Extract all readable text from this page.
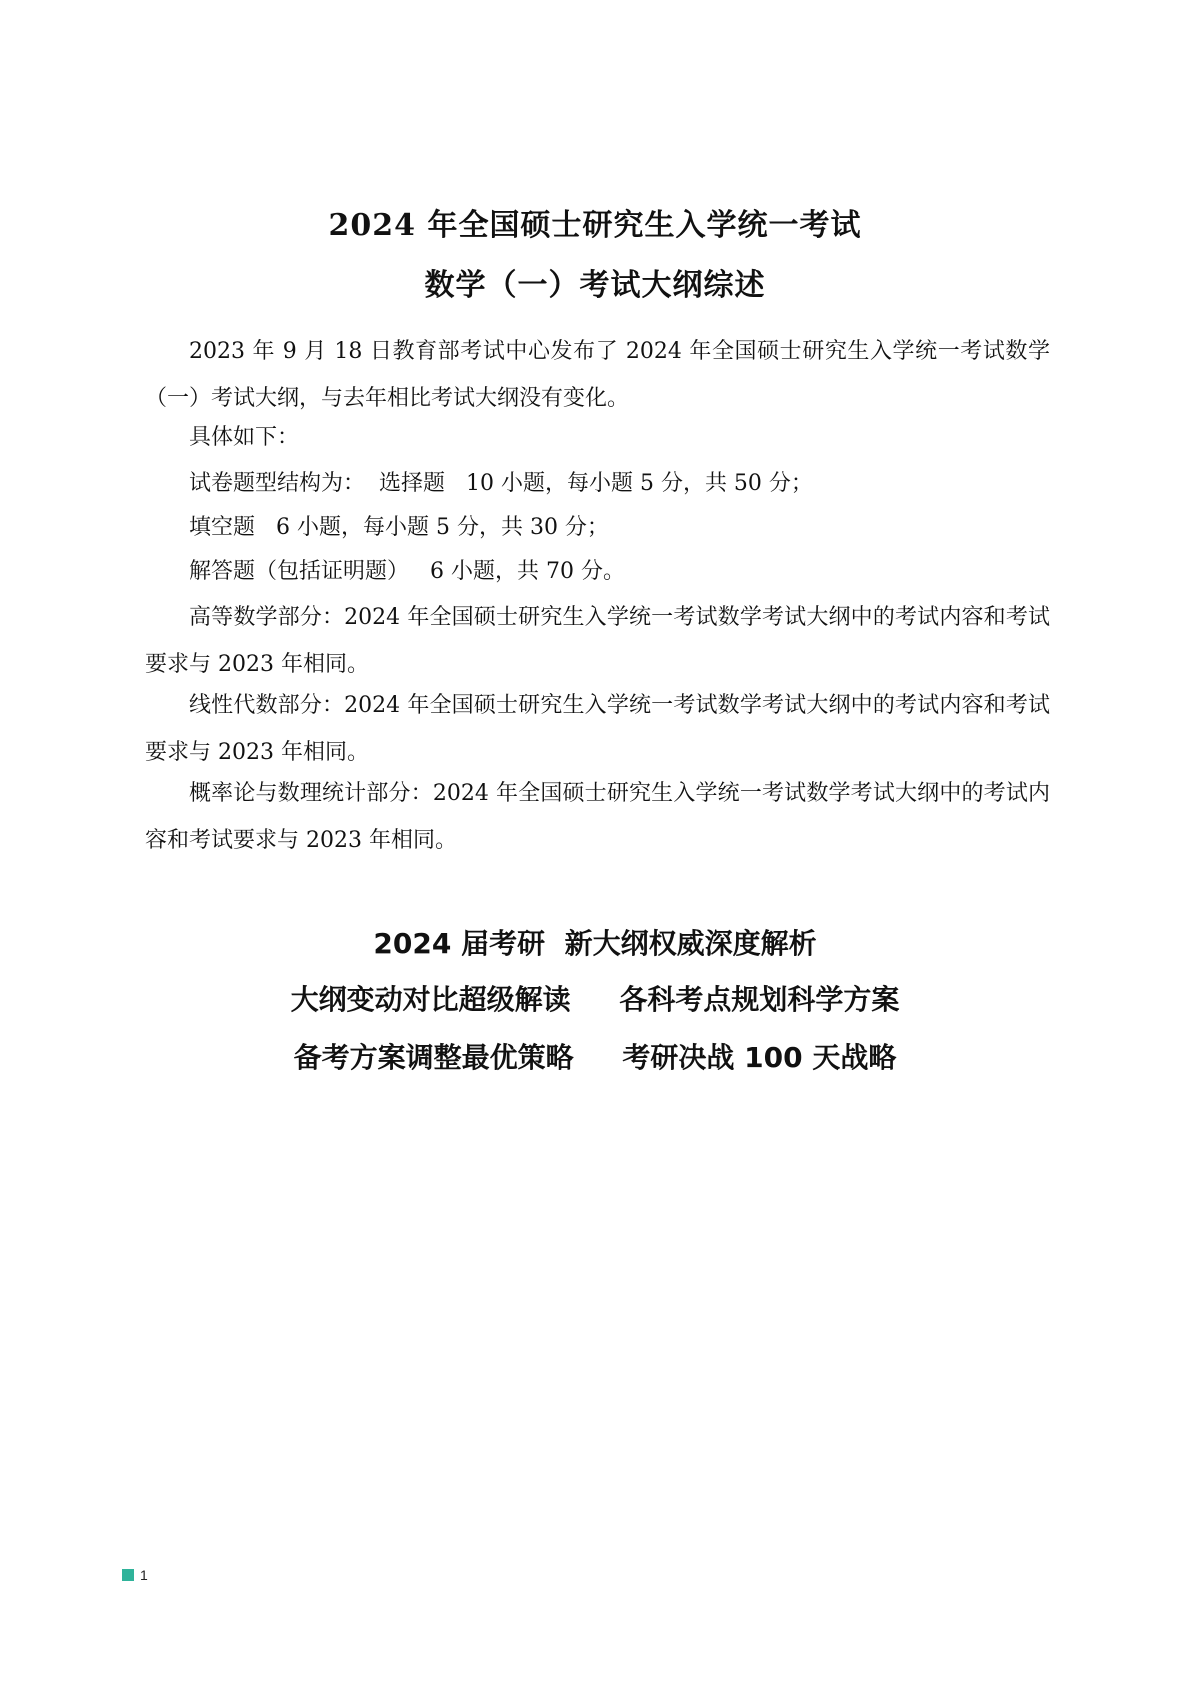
2024 年全国硕士研究生入学统一考试
数学（一）考试大纲综述
2023 年 9 月 18 日教育部考试中心发布了 2024 年全国硕士研究生入学统一考试数学（一）考试大纲，与去年相比考试大纲没有变化。
具体如下：
试卷题型结构为：  选择题   10 小题，每小题 5 分，共 50 分；
填空题   6 小题，每小题 5 分，共 30 分；
解答题（包括证明题）   6 小题，共 70 分。
高等数学部分：2024 年全国硕士研究生入学统一考试数学考试大纲中的考试内容和考试要求与 2023 年相同。
线性代数部分：2024 年全国硕士研究生入学统一考试数学考试大纲中的考试内容和考试要求与 2023 年相同。
概率论与数理统计部分：2024 年全国硕士研究生入学统一考试数学考试大纲中的考试内容和考试要求与 2023 年相同。
2024 届考研  新大纲权威深度解析
大纲变动对比超级解读     各科考点规划科学方案
备考方案调整最优策略     考研决战 100 天战略
1
